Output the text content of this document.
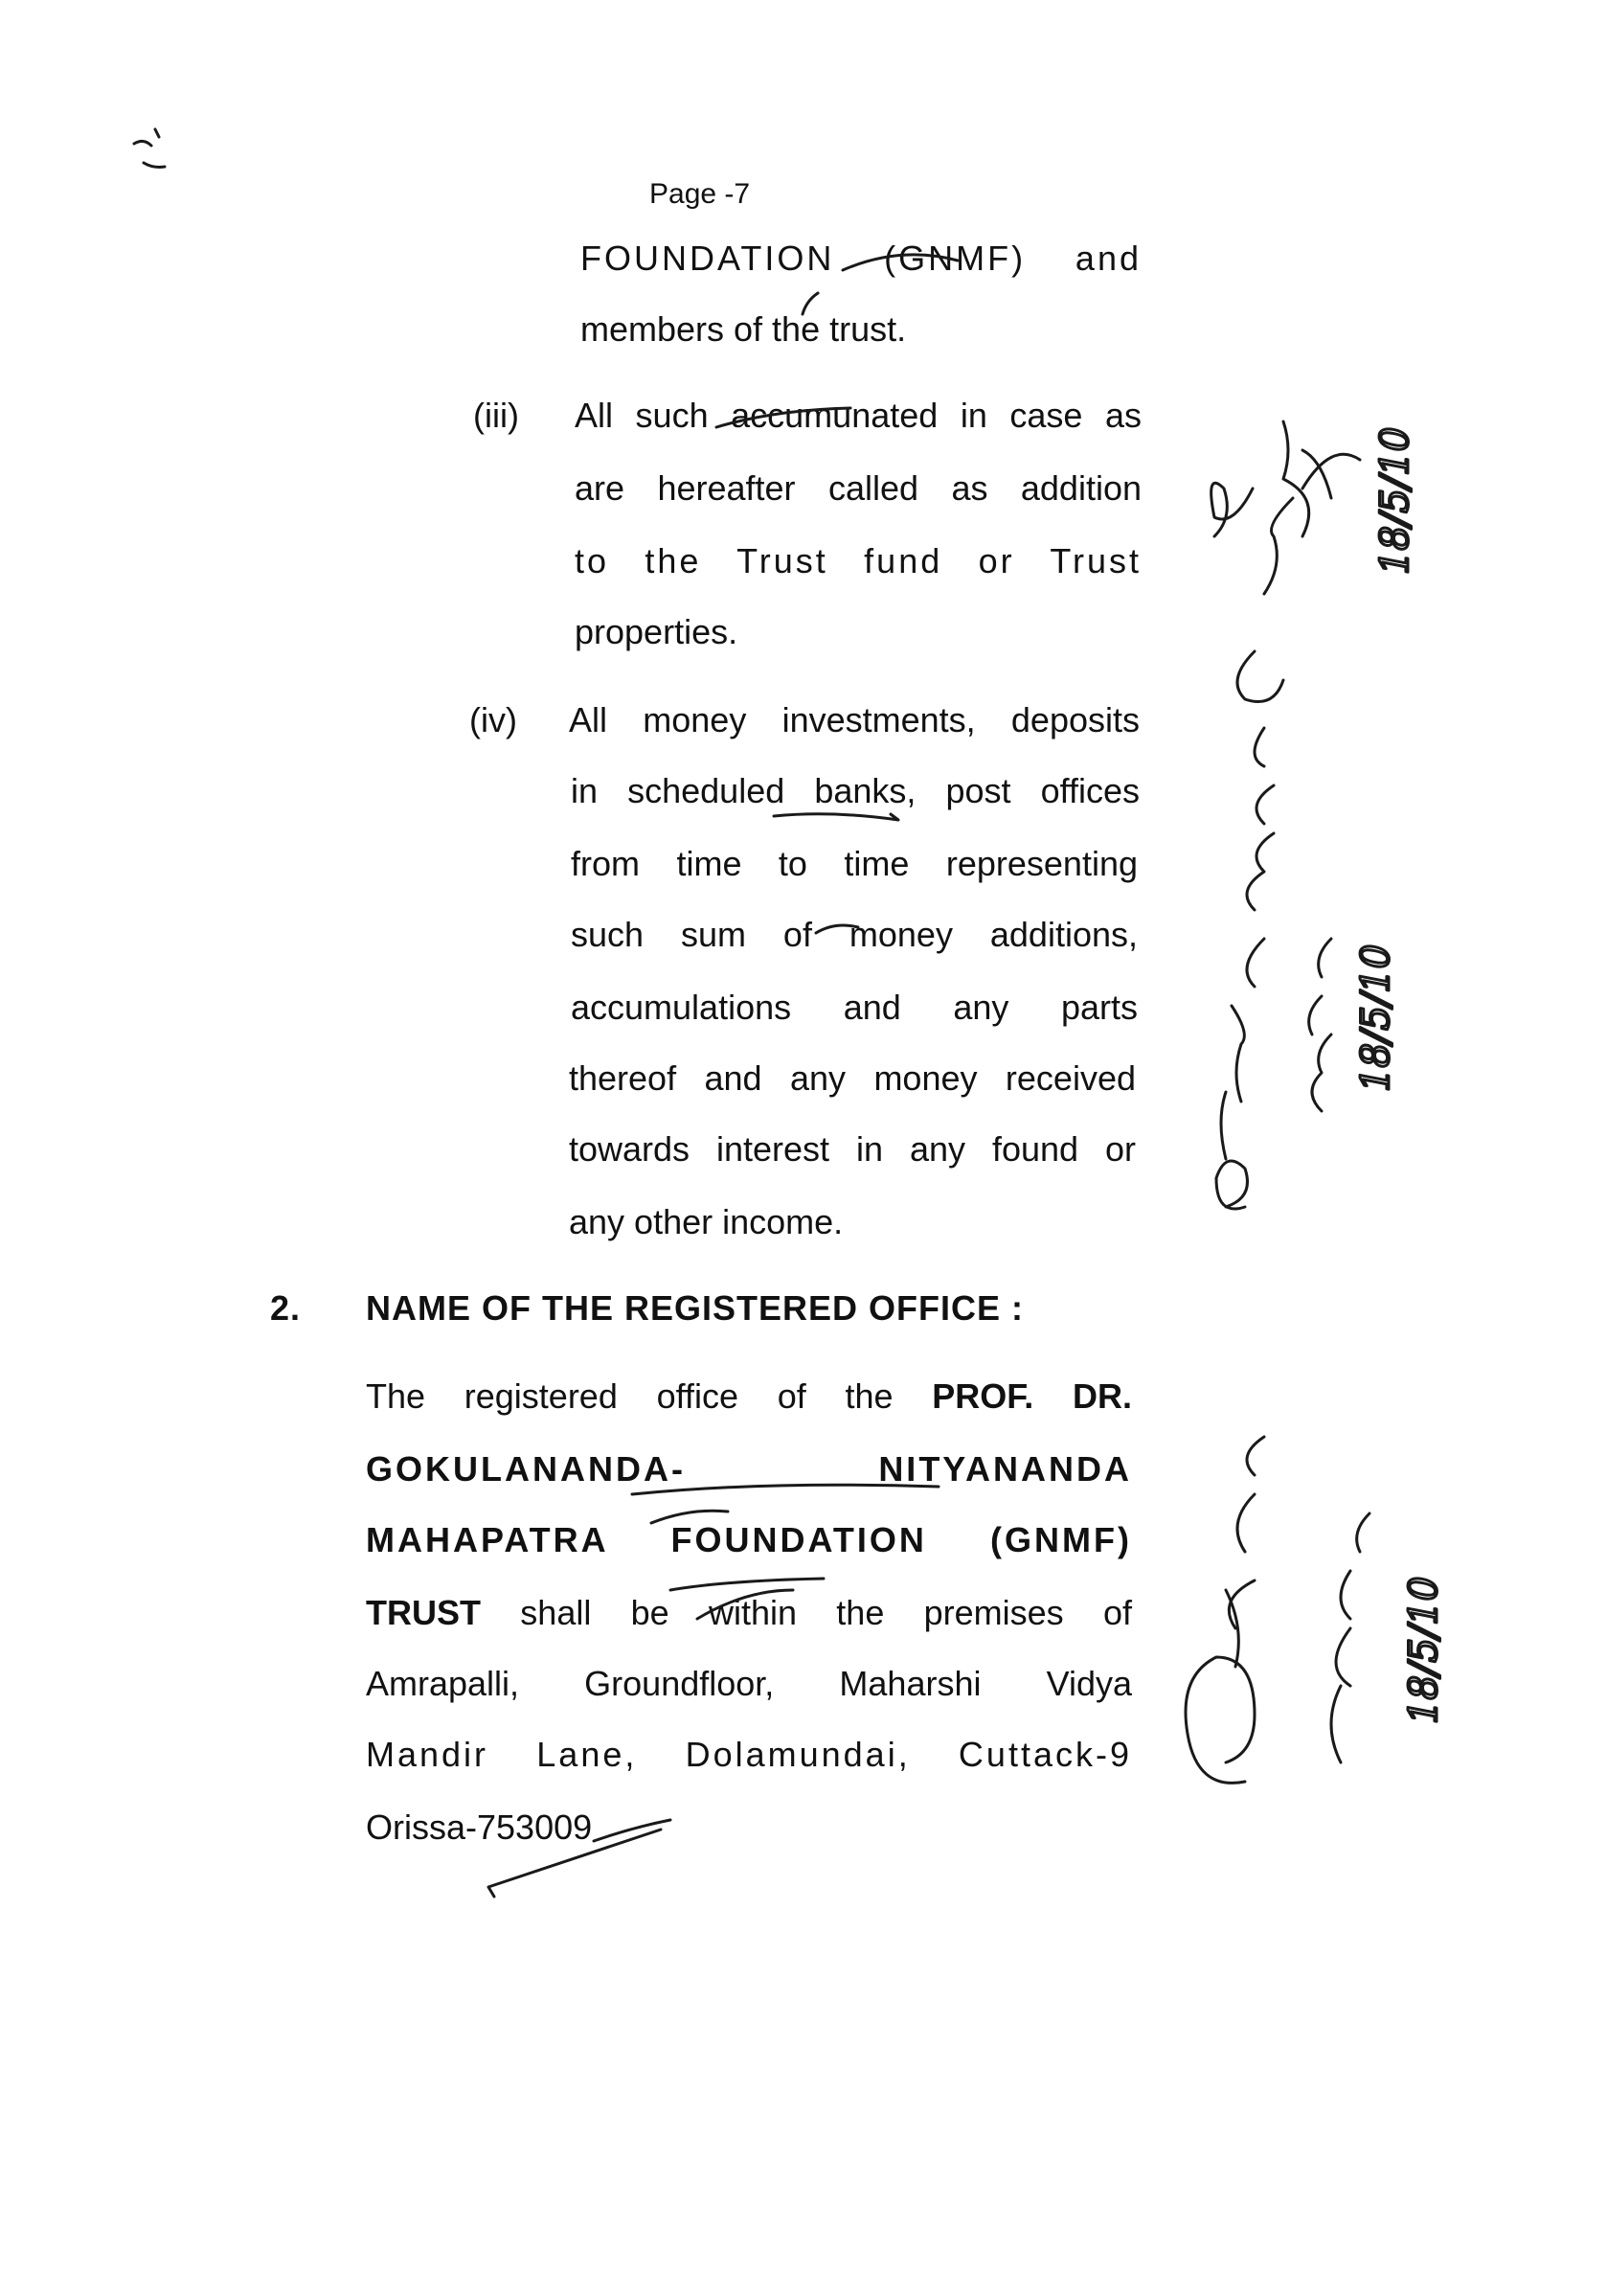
Page -7
FOUNDATION (GNMF) and
members of the trust.
(iii) All such accumunated in case as
are hereafter called as addition
to the Trust fund or Trust
properties.
(iv) All money investments, deposits
in scheduled banks, post offices
from time to time representing
such sum of money additions,
accumulations and any parts
thereof and any money received
towards interest in any found or
any other income.
2. NAME OF THE REGISTERED OFFICE :
The registered office of the PROF. DR.
GOKULANANDA-	NITYANANDA
MAHAPATRA FOUNDATION (GNMF)
TRUST shall be within the premises of
Amrapalli, Groundfloor, Maharshi Vidya
Mandir Lane, Dolamundai, Cuttack-9
Orissa-753009
18/5/10
18/5/10
18/5/10
